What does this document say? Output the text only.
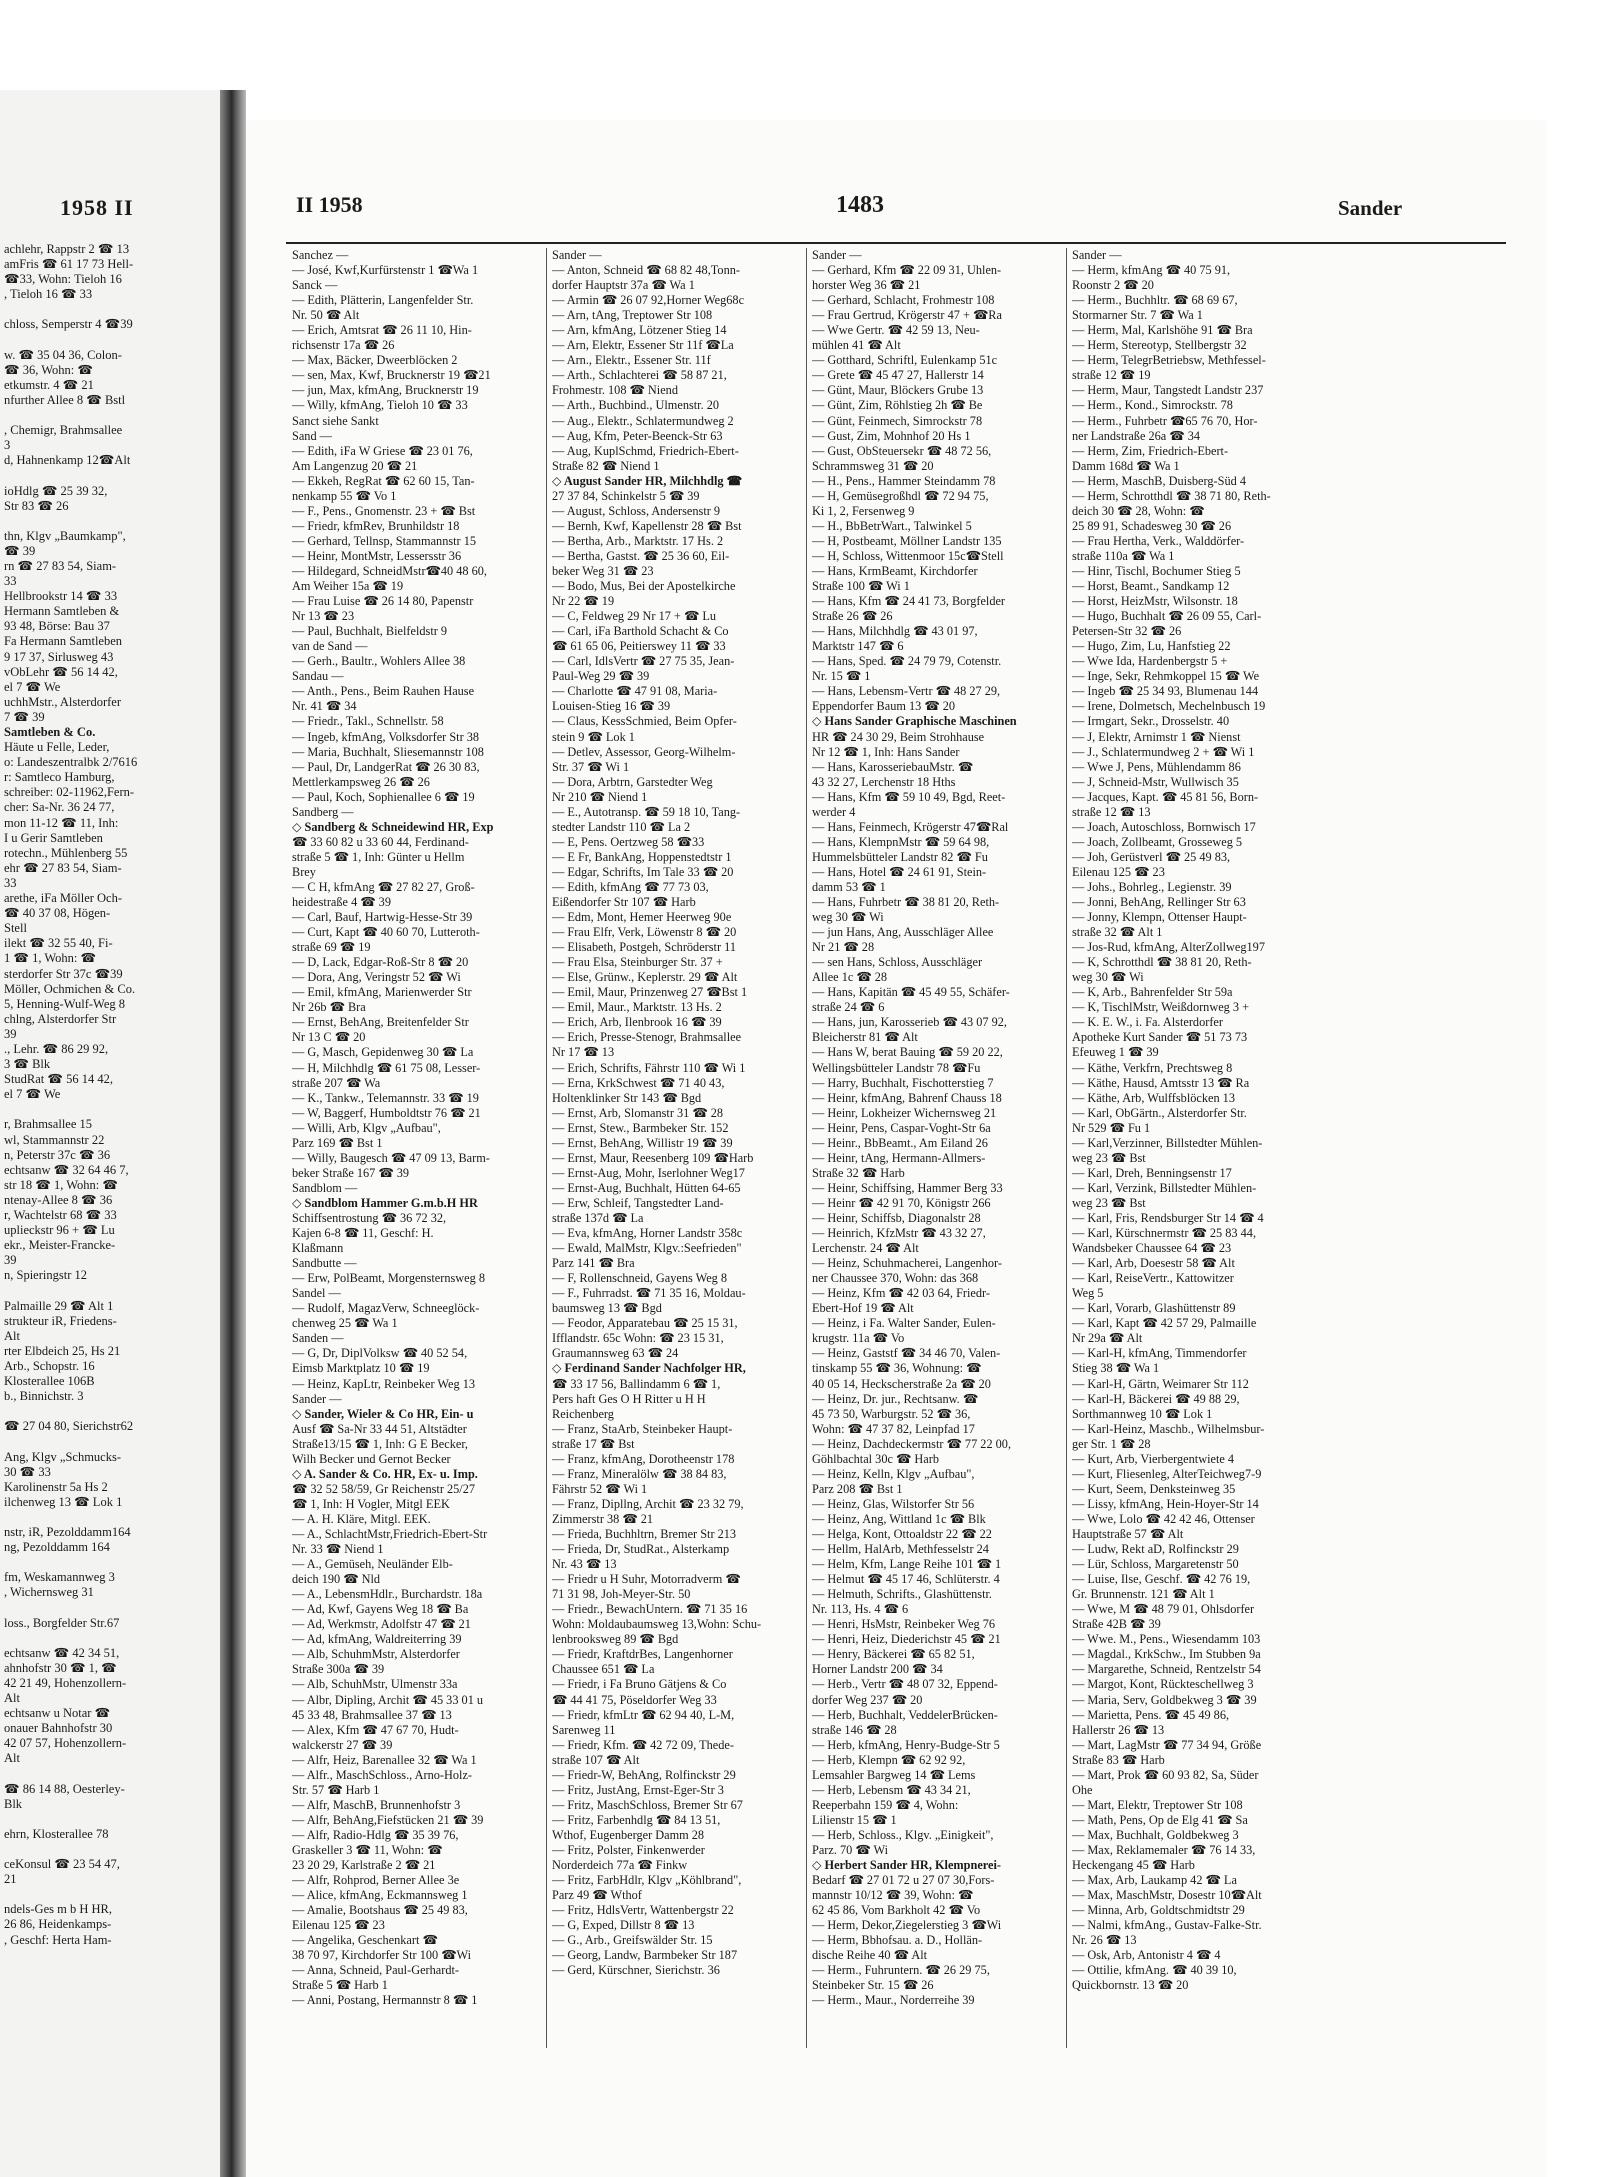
1958 II
achlehr, Rappstr 2 ☎ 13
amFris ☎ 61 17 73 Hell-
☎33, Wohn: Tieloh 16
, Tieloh 16 ☎ 33

chloss, Semperstr 4 ☎39

w. ☎ 35 04 36, Colon-
☎ 36, Wohn: ☎
etkumstr. 4 ☎ 21
nfurther Allee 8 ☎ Bstl

, Chemigr, Brahmsallee
3
d, Hahnenkamp 12☎Alt

ioHdlg ☎ 25 39 32,
Str 83 ☎ 26

thn, Klgv „Baumkamp",
☎ 39
rn ☎ 27 83 54, Siam-
33
Hellbrookstr 14 ☎ 33
Hermann Samtleben &
93 48, Börse: Bau 37
Fa Hermann Samtleben
9 17 37, Sirlusweg 43
vObLehr ☎ 56 14 42,
el 7 ☎ We
uchhMstr., Alsterdorfer
7 ☎ 39
Samtleben & Co.
Häute u Felle, Leder,
o: Landeszentralbk 2/7616
r: Samtleco Hamburg,
schreiber: 02-11962,Fern-
cher: Sa-Nr. 36 24 77,
mon 11-12 ☎ 11, Inh:
I u Gerir Samtleben
rotechn., Mühlenberg 55
ehr ☎ 27 83 54, Siam-
33
arethe, iFa Möller Och-
☎ 40 37 08, Högen-
Stell
ilekt ☎ 32 55 40, Fi-
1 ☎ 1, Wohn: ☎
sterdorfer Str 37c ☎39
Möller, Ochmichen & Co.
5, Henning-Wulf-Weg 8
chlng, Alsterdorfer Str
39
., Lehr. ☎ 86 29 92,
3 ☎ Blk
StudRat ☎ 56 14 42,
el 7 ☎ We

r, Brahmsallee 15
wl, Stammannstr 22
n, Peterstr 37c ☎ 36
echtsanw ☎ 32 64 46 7,
str 18 ☎ 1, Wohn: ☎
ntenay-Allee 8 ☎ 36
r, Wachtelstr 68 ☎ 33
uplieckstr 96 + ☎ Lu
ekr., Meister-Francke-
39
n, Spieringstr 12

Palmaille 29 ☎ Alt 1
strukteur iR, Friedens-
Alt
rter Elbdeich 25, Hs 21
Arb., Schopstr. 16
Klosterallee 106B
b., Binnichstr. 3

☎ 27 04 80, Sierichstr62

Ang, Klgv „Schmucks-
30 ☎ 33
Karolinenstr 5a Hs 2
ilchenweg 13 ☎ Lok 1

nstr, iR, Pezolddamm164
ng, Pezolddamm 164

fm, Weskamannweg 3
, Wichernsweg 31

loss., Borgfelder Str.67

echtsanw ☎ 42 34 51,
ahnhofstr 30 ☎ 1, ☎
42 21 49, Hohenzollern-
Alt
echtsanw u Notar ☎
onauer Bahnhofstr 30
42 07 57, Hohenzollern-
Alt

☎ 86 14 88, Oesterley-
Blk

ehrn, Klosterallee 78

ceKonsul ☎ 23 54 47,
21

ndels-Ges m b H HR,
26 86, Heidenkamps-
, Geschf: Herta Ham-
II 1958	1483	Sander
Sanchez —
— José, Kwf,Kurfürstenstr 1 ☎Wa 1
Sanck —
— Edith, Plätterin, Langenfelder Str.
Nr. 50 ☎ Alt
— Erich, Amtsrat ☎ 26 11 10, Hin-
richsenstr 17a ☎ 26
— Max, Bäcker, Dweerblöcken 2
— sen, Max, Kwf, Brucknerstr 19 ☎21
— jun, Max, kfmAng, Brucknerstr 19
— Willy, kfmAng, Tieloh 10 ☎ 33
Sanct siehe Sankt
Sand —
— Edith, iFa W Griese ☎ 23 01 76,
Am Langenzug 20 ☎ 21
— Ekkeh, RegRat ☎ 62 60 15, Tan-
nenkamp 55 ☎ Vo 1
— F., Pens., Gnomenstr. 23 + ☎ Bst
— Friedr, kfmRev, Brunhildstr 18
— Gerhard, Tellnsp, Stammannstr 15
— Heinr, MontMstr, Lessersstr 36
— Hildegard, SchneidMstr☎40 48 60,
Am Weiher 15a ☎ 19
— Frau Luise ☎ 26 14 80, Papenstr
Nr 13 ☎ 23
— Paul, Buchhalt, Bielfeldstr 9
van de Sand —
— Gerh., Baultr., Wohlers Allee 38
Sandau —
— Anth., Pens., Beim Rauhen Hause
Nr. 41 ☎ 34
— Friedr., Takl., Schnellstr. 58
— Ingeb, kfmAng, Volksdorfer Str 38
— Maria, Buchhalt, Sliesemannstr 108
— Paul, Dr, LandgerRat ☎ 26 30 83,
Mettlerkampsweg 26 ☎ 26
— Paul, Koch, Sophienallee 6 ☎ 19
Sandberg —
◇ Sandberg & Schneidewind HR, Exp
☎ 33 60 82 u 33 60 44, Ferdinand-
straße 5 ☎ 1, Inh: Günter u Hellm
Brey
— C H, kfmAng ☎ 27 82 27, Groß-
heidestraße 4 ☎ 39
— Carl, Bauf, Hartwig-Hesse-Str 39
— Curt, Kapt ☎ 40 60 70, Lutteroth-
straße 69 ☎ 19
— D, Lack, Edgar-Roß-Str 8 ☎ 20
— Dora, Ang, Veringstr 52 ☎ Wi
— Emil, kfmAng, Marienwerder Str
Nr 26b ☎ Bra
— Ernst, BehAng, Breitenfelder Str
Nr 13 C ☎ 20
— G, Masch, Gepidenweg 30 ☎ La
— H, Milchhdlg ☎ 61 75 08, Lesser-
straße 207 ☎ Wa
— K., Tankw., Telemannstr. 33 ☎ 19
— W, Baggerf, Humboldtstr 76 ☎ 21
— Willi, Arb, Klgv „Aufbau",
Parz 169 ☎ Bst 1
— Willy, Baugesch ☎ 47 09 13, Barm-
beker Straße 167 ☎ 39
Sandblom —
◇ Sandblom Hammer G.m.b.H HR
Schiffsentrostung ☎ 36 72 32,
Kajen 6-8 ☎ 11, Geschf: H.
Klaßmann
Sandbutte —
— Erw, PolBeamt, Morgensternsweg 8
Sandel —
— Rudolf, MagazVerw, Schneeglöck-
chenweg 25 ☎ Wa 1
Sanden —
— G, Dr, DiplVolksw ☎ 40 52 54,
Eimsb Marktplatz 10 ☎ 19
— Heinz, KapLtr, Reinbeker Weg 13
Sander —
◇ Sander, Wieler & Co HR, Ein- u
Ausf ☎ Sa-Nr 33 44 51, Altstädter
Straße13/15 ☎ 1, Inh: G E Becker,
Wilh Becker und Gernot Becker
◇ A. Sander & Co. HR, Ex- u. Imp.
☎ 32 52 58/59, Gr Reichenstr 25/27
☎ 1, Inh: H Vogler, Mitgl EEK
— A. H. Kläre, Mitgl. EEK.
— A., SchlachtMstr,Friedrich-Ebert-Str
Nr. 33 ☎ Niend 1
— A., Gemüseh, Neuländer Elb-
deich 190 ☎ Nld
— A., LebensmHdlr., Burchardstr. 18a
— Ad, Kwf, Gayens Weg 18 ☎ Ba
— Ad, Werkmstr, Adolfstr 47 ☎ 21
— Ad, kfmAng, Waldreiterring 39
— Alb, SchuhmMstr, Alsterdorfer
Straße 300a ☎ 39
— Alb, SchuhMstr, Ulmenstr 33a
— Albr, Dipling, Archit ☎ 45 33 01 u
45 33 48, Brahmsallee 37 ☎ 13
— Alex, Kfm ☎ 47 67 70, Hudt-
walckerstr 27 ☎ 39
— Alfr, Heiz, Barenallee 32 ☎ Wa 1
— Alfr., MaschSchloss., Arno-Holz-
Str. 57 ☎ Harb 1
— Alfr, MaschB, Brunnenhofstr 3
— Alfr, BehAng,Fiefstücken 21 ☎ 39
— Alfr, Radio-Hdlg ☎ 35 39 76,
Graskeller 3 ☎ 11, Wohn: ☎
23 20 29, Karlstraße 2 ☎ 21
— Alfr, Rohprod, Berner Allee 3e
— Alice, kfmAng, Eckmannsweg 1
— Amalie, Bootshaus ☎ 25 49 83,
Eilenau 125 ☎ 23
— Angelika, Geschenkart ☎
38 70 97, Kirchdorfer Str 100 ☎Wi
— Anna, Schneid, Paul-Gerhardt-
Straße 5 ☎ Harb 1
— Anni, Postang, Hermannstr 8 ☎ 1
Sander —
— Anton, Schneid ☎ 68 82 48,Tonn-
dorfer Hauptstr 37a ☎ Wa 1
— Armin ☎ 26 07 92,Horner Weg68c
— Arn, tAng, Treptower Str 108
— Arn, kfmAng, Lötzener Stieg 14
— Arn, Elektr, Essener Str 11f ☎La
— Arn., Elektr., Essener Str. 11f
— Arth., Schlachterei ☎ 58 87 21,
Frohmestr. 108 ☎ Niend
— Arth., Buchbind., Ulmenstr. 20
— Aug., Elektr., Schlatermundweg 2
— Aug, Kfm, Peter-Beenck-Str 63
— Aug, KuplSchmd, Friedrich-Ebert-
Straße 82 ☎ Niend 1
◇ August Sander HR, Milchhdlg ☎
27 37 84, Schinkelstr 5 ☎ 39
— August, Schloss, Andersenstr 9
— Bernh, Kwf, Kapellenstr 28 ☎ Bst
— Bertha, Arb., Marktstr. 17 Hs. 2
— Bertha, Gastst. ☎ 25 36 60, Eil-
beker Weg 31 ☎ 23
— Bodo, Mus, Bei der Apostelkirche
Nr 22 ☎ 19
— C, Feldweg 29 Nr 17 + ☎ Lu
— Carl, iFa Barthold Schacht & Co
☎ 61 65 06, Peitierswey 11 ☎ 33
— Carl, IdlsVertr ☎ 27 75 35, Jean-
Paul-Weg 29 ☎ 39
— Charlotte ☎ 47 91 08, Maria-
Louisen-Stieg 16 ☎ 39
— Claus, KessSchmied, Beim Opfer-
stein 9 ☎ Lok 1
— Detlev, Assessor, Georg-Wilhelm-
Str. 37 ☎ Wi 1
— Dora, Arbtrn, Garstedter Weg
Nr 210 ☎ Niend 1
— E., Autotransp. ☎ 59 18 10, Tang-
stedter Landstr 110 ☎ La 2
— E, Pens. Oertzweg 58 ☎33
— E Fr, BankAng, Hoppenstedtstr 1
— Edgar, Schrifts, Im Tale 33 ☎ 20
— Edith, kfmAng ☎ 77 73 03,
Eißendorfer Str 107 ☎ Harb
— Edm, Mont, Hemer Heerweg 90e
— Frau Elfr, Verk, Löwenstr 8 ☎ 20
— Elisabeth, Postgeh, Schröderstr 11
— Frau Elsa, Steinburger Str. 37 +
— Else, Grünw., Keplerstr. 29 ☎ Alt
— Emil, Maur, Prinzenweg 27 ☎Bst 1
— Emil, Maur., Marktstr. 13 Hs. 2
— Erich, Arb, Ilenbrook 16 ☎ 39
— Erich, Presse-Stenogr, Brahmsallee
Nr 17 ☎ 13
— Erich, Schrifts, Fährstr 110 ☎ Wi 1
— Erna, KrkSchwest ☎ 71 40 43,
Holtenklinker Str 143 ☎ Bgd
— Ernst, Arb, Slomanstr 31 ☎ 28
— Ernst, Stew., Barmbeker Str. 152
— Ernst, BehAng, Willistr 19 ☎ 39
— Ernst, Maur, Reesenberg 109 ☎Harb
— Ernst-Aug, Mohr, Iserlohner Weg17
— Ernst-Aug, Buchhalt, Hütten 64-65
— Erw, Schleif, Tangstedter Land-
straße 137d ☎ La
— Eva, kfmAng, Horner Landstr 358c
— Ewald, MalMstr, Klgv.:Seefrieden"
Parz 141 ☎ Bra
— F, Rollenschneid, Gayens Weg 8
— F., Fuhrradst. ☎ 71 35 16, Moldau-
baumsweg 13 ☎ Bgd
— Feodor, Apparatebau ☎ 25 15 31,
Ifflandstr. 65c Wohn: ☎ 23 15 31,
Graumannsweg 63 ☎ 24
◇ Ferdinand Sander Nachfolger HR,
☎ 33 17 56, Ballindamm 6 ☎ 1,
Pers haft Ges O H Ritter u H H
Reichenberg
— Franz, StaArb, Steinbeker Haupt-
straße 17 ☎ Bst
— Franz, kfmAng, Dorotheenstr 178
— Franz, Mineralölw ☎ 38 84 83,
Fährstr 52 ☎ Wi 1
— Franz, Dipllng, Archit ☎ 23 32 79,
Zimmerstr 38 ☎ 21
— Frieda, Buchhltrn, Bremer Str 213
— Frieda, Dr, StudRat., Alsterkamp
Nr. 43 ☎ 13
— Friedr u H Suhr, Motorradverm ☎
71 31 98, Joh-Meyer-Str. 50
— Friedr., BewachUntern. ☎ 71 35 16
Wohn: Moldaubaumsweg 13,Wohn: Schu-
lenbrooksweg 89 ☎ Bgd
— Friedr, KraftdrBes, Langenhorner
Chaussee 651 ☎ La
— Friedr, i Fa Bruno Gätjens & Co
☎ 44 41 75, Pöseldorfer Weg 33
— Friedr, kfmLtr ☎ 62 94 40, L-M,
Sarenweg 11
— Friedr, Kfm. ☎ 42 72 09, Thede-
straße 107 ☎ Alt
— Friedr-W, BehAng, Rolfinckstr 29
— Fritz, JustAng, Ernst-Eger-Str 3
— Fritz, MaschSchloss, Bremer Str 67
— Fritz, Farbenhdlg ☎ 84 13 51,
Wthof, Eugenberger Damm 28
— Fritz, Polster, Finkenwerder
Norderdeich 77a ☎ Finkw
— Fritz, FarbHdlr, Klgv „Köhlbrand",
Parz 49 ☎ Wthof
— Fritz, HdlsVertr, Wattenbergstr 22
— G, Exped, Dillstr 8 ☎ 13
— G., Arb., Greifswälder Str. 15
— Georg, Landw, Barmbeker Str 187
— Gerd, Kürschner, Sierichstr. 36
Sander —
— Gerhard, Kfm ☎ 22 09 31, Uhlen-
horster Weg 36 ☎ 21
— Gerhard, Schlacht, Frohmestr 108
— Frau Gertrud, Krögerstr 47 + ☎Ra
— Wwe Gertr. ☎ 42 59 13, Neu-
mühlen 41 ☎ Alt
— Gotthard, Schriftl, Eulenkamp 51c
— Grete ☎ 45 47 27, Hallerstr 14
— Günt, Maur, Blöckers Grube 13
— Günt, Zim, Röhlstieg 2h ☎ Be
— Günt, Feinmech, Simrockstr 78
— Gust, Zim, Mohnhof 20 Hs 1
— Gust, ObSteuersekr ☎ 48 72 56,
Schrammsweg 31 ☎ 20
— H., Pens., Hammer Steindamm 78
— H, Gemüsegroßhdl ☎ 72 94 75,
Ki 1, 2, Fersenweg 9
— H., BbBetrWart., Talwinkel 5
— H, Postbeamt, Möllner Landstr 135
— H, Schloss, Wittenmoor 15c☎Stell
— Hans, KrmBeamt, Kirchdorfer
Straße 100 ☎ Wi 1
— Hans, Kfm ☎ 24 41 73, Borgfelder
Straße 26 ☎ 26
— Hans, Milchhdlg ☎ 43 01 97,
Marktstr 147 ☎ 6
— Hans, Sped. ☎ 24 79 79, Cotenstr.
Nr. 15 ☎ 1
— Hans, Lebensm-Vertr ☎ 48 27 29,
Eppendorfer Baum 13 ☎ 20
◇ Hans Sander Graphische Maschinen
HR ☎ 24 30 29, Beim Strohhause
Nr 12 ☎ 1, Inh: Hans Sander
— Hans, KarosseriebauMstr. ☎
43 32 27, Lerchenstr 18 Hths
— Hans, Kfm ☎ 59 10 49, Bgd, Reet-
werder 4
— Hans, Feinmech, Krögerstr 47☎Ral
— Hans, KlempnMstr ☎ 59 64 98,
Hummelsbütteler Landstr 82 ☎ Fu
— Hans, Hotel ☎ 24 61 91, Stein-
damm 53 ☎ 1
— Hans, Fuhrbetr ☎ 38 81 20, Reth-
weg 30 ☎ Wi
— jun Hans, Ang, Ausschläger Allee
Nr 21 ☎ 28
— sen Hans, Schloss, Ausschläger
Allee 1c ☎ 28
— Hans, Kapitän ☎ 45 49 55, Schäfer-
straße 24 ☎ 6
— Hans, jun, Karosserieb ☎ 43 07 92,
Bleicherstr 81 ☎ Alt
— Hans W, berat Bauing ☎ 59 20 22,
Wellingsbütteler Landstr 78 ☎Fu
— Harry, Buchhalt, Fischotterstieg 7
— Heinr, kfmAng, Bahrenf Chauss 18
— Heinr, Lokheizer Wichernsweg 21
— Heinr, Pens, Caspar-Voght-Str 6a
— Heinr., BbBeamt., Am Eiland 26
— Heinr, tAng, Hermann-Allmers-
Straße 32 ☎ Harb
— Heinr, Schiffsing, Hammer Berg 33
— Heinr ☎ 42 91 70, Königstr 266
— Heinr, Schiffsb, Diagonalstr 28
— Heinrich, KfzMstr ☎ 43 32 27,
Lerchenstr. 24 ☎ Alt
— Heinz, Schuhmacherei, Langenhor-
ner Chaussee 370, Wohn: das 368
— Heinz, Kfm ☎ 42 03 64, Friedr-
Ebert-Hof 19 ☎ Alt
— Heinz, i Fa. Walter Sander, Eulen-
krugstr. 11a ☎ Vo
— Heinz, Gaststf ☎ 34 46 70, Valen-
tinskamp 55 ☎ 36, Wohnung: ☎
40 05 14, Heckscherstraße 2a ☎ 20
— Heinz, Dr. jur., Rechtsanw. ☎
45 73 50, Warburgstr. 52 ☎ 36,
Wohn: ☎ 47 37 82, Leinpfad 17
— Heinz, Dachdeckermstr ☎ 77 22 00,
Göhlbachtal 30c ☎ Harb
— Heinz, Kelln, Klgv „Aufbau",
Parz 208 ☎ Bst 1
— Heinz, Glas, Wilstorfer Str 56
— Heinz, Ang, Wittland 1c ☎ Blk
— Helga, Kont, Ottoaldstr 22 ☎ 22
— Hellm, HalArb, Methfesselstr 24
— Helm, Kfm, Lange Reihe 101 ☎ 1
— Helmut ☎ 45 17 46, Schlüterstr. 4
— Helmuth, Schrifts., Glashüttenstr.
Nr. 113, Hs. 4 ☎ 6
— Henri, HsMstr, Reinbeker Weg 76
— Henri, Heiz, Diederichstr 45 ☎ 21
— Henry, Bäckerei ☎ 65 82 51,
Horner Landstr 200 ☎ 34
— Herb., Vertr ☎ 48 07 32, Eppend-
dorfer Weg 237 ☎ 20
— Herb, Buchhalt, VeddelerBrücken-
straße 146 ☎ 28
— Herb, kfmAng, Henry-Budge-Str 5
— Herb, Klempn ☎ 62 92 92,
Lemsahler Bargweg 14 ☎ Lems
— Herb, Lebensm ☎ 43 34 21,
Reeperbahn 159 ☎ 4, Wohn:
Lilienstr 15 ☎ 1
— Herb, Schloss., Klgv. „Einigkeit",
Parz. 70 ☎ Wi
◇ Herbert Sander HR, Klempnerei-
Bedarf ☎ 27 01 72 u 27 07 30,Fors-
mannstr 10/12 ☎ 39, Wohn: ☎
62 45 86, Vom Barkholt 42 ☎ Vo
— Herm, Dekor,Ziegelerstieg 3 ☎Wi
— Herm, Bbhofsau. a. D., Hollän-
dische Reihe 40 ☎ Alt
— Herm., Fuhruntern. ☎ 26 29 75,
Steinbeker Str. 15 ☎ 26
— Herm., Maur., Norderreihe 39
Sander —
— Herm, kfmAng ☎ 40 75 91,
Roonstr 2 ☎ 20
— Herm., Buchhltr. ☎ 68 69 67,
Stormarner Str. 7 ☎ Wa 1
— Herm, Mal, Karlshöhe 91 ☎ Bra
— Herm, Stereotyp, Stellbergstr 32
— Herm, TelegrBetriebsw, Methfessel-
straße 12 ☎ 19
— Herm, Maur, Tangstedt Landstr 237
— Herm., Kond., Simrockstr. 78
— Herm., Fuhrbetr ☎65 76 70, Hor-
ner Landstraße 26a ☎ 34
— Herm, Zim, Friedrich-Ebert-
Damm 168d ☎ Wa 1
— Herm, MaschB, Duisberg-Süd 4
— Herm, Schrotthdl ☎ 38 71 80, Reth-
deich 30 ☎ 28, Wohn: ☎
25 89 91, Schadesweg 30 ☎ 26
— Frau Hertha, Verk., Walddörfer-
straße 110a ☎ Wa 1
— Hinr, Tischl, Bochumer Stieg 5
— Horst, Beamt., Sandkamp 12
— Horst, HeizMstr, Wilsonstr. 18
— Hugo, Buchhalt ☎ 26 09 55, Carl-
Petersen-Str 32 ☎ 26
— Hugo, Zim, Lu, Hanfstieg 22
— Wwe Ida, Hardenbergstr 5 +
— Inge, Sekr, Rehmkoppel 15 ☎ We
— Ingeb ☎ 25 34 93, Blumenau 144
— Irene, Dolmetsch, Mechelnbusch 19
— Irmgart, Sekr., Drosselstr. 40
— J, Elektr, Arnimstr 1 ☎ Nienst
— J., Schlatermundweg 2 + ☎ Wi 1
— Wwe J, Pens, Mühlendamm 86
— J, Schneid-Mstr, Wullwisch 35
— Jacques, Kapt. ☎ 45 81 56, Born-
straße 12 ☎ 13
— Joach, Autoschloss, Bornwisch 17
— Joach, Zollbeamt, Grosseweg 5
— Joh, Gerüstverl ☎ 25 49 83,
Eilenau 125 ☎ 23
— Johs., Bohrleg., Legienstr. 39
— Jonni, BehAng, Rellinger Str 63
— Jonny, Klempn, Ottenser Haupt-
straße 32 ☎ Alt 1
— Jos-Rud, kfmAng, AlterZollweg197
— K, Schrotthdl ☎ 38 81 20, Reth-
weg 30 ☎ Wi
— K, Arb., Bahrenfelder Str 59a
— K, TischlMstr, Weißdornweg 3 +
— K. E. W., i. Fa. Alsterdorfer
Apotheke Kurt Sander ☎ 51 73 73
Efeuweg 1 ☎ 39
— Käthe, Verkfrn, Prechtsweg 8
— Käthe, Hausd, Amtsstr 13 ☎ Ra
— Käthe, Arb, Wulffsblöcken 13
— Karl, ObGärtn., Alsterdorfer Str.
Nr 529 ☎ Fu 1
— Karl,Verzinner, Billstedter Mühlen-
weg 23 ☎ Bst
— Karl, Dreh, Benningsenstr 17
— Karl, Verzink, Billstedter Mühlen-
weg 23 ☎ Bst
— Karl, Fris, Rendsburger Str 14 ☎ 4
— Karl, Kürschnermstr ☎ 25 83 44,
Wandsbeker Chaussee 64 ☎ 23
— Karl, Arb, Doesestr 58 ☎ Alt
— Karl, ReiseVertr., Kattowitzer
Weg 5
— Karl, Vorarb, Glashüttenstr 89
— Karl, Kapt ☎ 42 57 29, Palmaille
Nr 29a ☎ Alt
— Karl-H, kfmAng, Timmendorfer
Stieg 38 ☎ Wa 1
— Karl-H, Gärtn, Weimarer Str 112
— Karl-H, Bäckerei ☎ 49 88 29,
Sorthmannweg 10 ☎ Lok 1
— Karl-Heinz, Maschb., Wilhelmsbur-
ger Str. 1 ☎ 28
— Kurt, Arb, Vierbergentwiete 4
— Kurt, Fliesenleg, AlterTeichweg7-9
— Kurt, Seem, Denksteinweg 35
— Lissy, kfmAng, Hein-Hoyer-Str 14
— Wwe, Lolo ☎ 42 42 46, Ottenser
Hauptstraße 57 ☎ Alt
— Ludw, Rekt aD, Rolfinckstr 29
— Lür, Schloss, Margaretenstr 50
— Luise, Ilse, Geschf. ☎ 42 76 19,
Gr. Brunnenstr. 121 ☎ Alt 1
— Wwe, M ☎ 48 79 01, Ohlsdorfer
Straße 42B ☎ 39
— Wwe. M., Pens., Wiesendamm 103
— Magdal., KrkSchw., Im Stubben 9a
— Margarethe, Schneid, Rentzelstr 54
— Margot, Kont, Rückteschellweg 3
— Maria, Serv, Goldbekweg 3 ☎ 39
— Marietta, Pens. ☎ 45 49 86,
Hallerstr 26 ☎ 13
— Mart, LagMstr ☎ 77 34 94, Größe
Straße 83 ☎ Harb
— Mart, Prok ☎ 60 93 82, Sa, Süder
Ohe
— Mart, Elektr, Treptower Str 108
— Math, Pens, Op de Elg 41 ☎ Sa
— Max, Buchhalt, Goldbekweg 3
— Max, Reklamemaler ☎ 76 14 33,
Heckengang 45 ☎ Harb
— Max, Arb, Laukamp 42 ☎ La
— Max, MaschMstr, Dosestr 10☎Alt
— Minna, Arb, Goldtschmidtstr 29
— Nalmi, kfmAng., Gustav-Falke-Str.
Nr. 26 ☎ 13
— Osk, Arb, Antonistr 4 ☎ 4
— Ottilie, kfmAng. ☎ 40 39 10,
Quickbornstr. 13 ☎ 20
